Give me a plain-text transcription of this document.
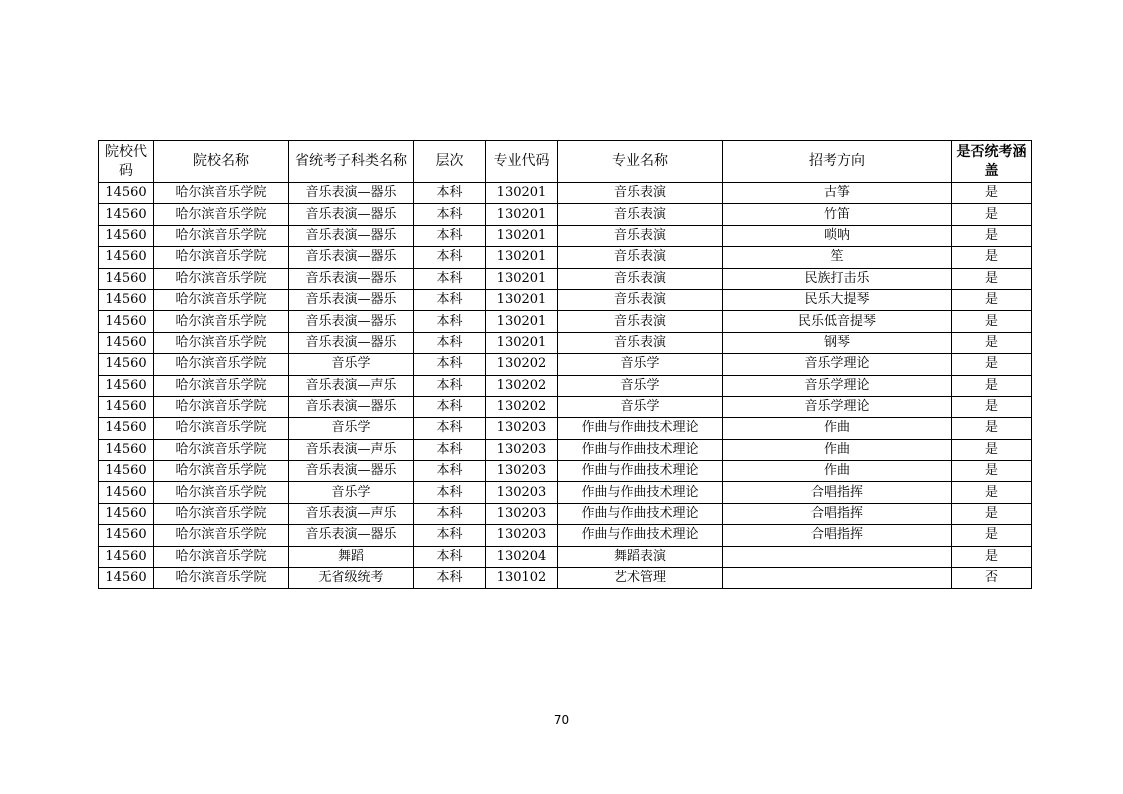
院校代码	院校名称	省统考子科类名称	层次	专业代码	专业名称	招考方向	是否统考涵盖
14560	哈尔滨音乐学院	音乐表演—器乐	本科	130201	音乐表演	古筝	是
14560	哈尔滨音乐学院	音乐表演—器乐	本科	130201	音乐表演	竹笛	是
14560	哈尔滨音乐学院	音乐表演—器乐	本科	130201	音乐表演	唢呐	是
14560	哈尔滨音乐学院	音乐表演—器乐	本科	130201	音乐表演	笙	是
14560	哈尔滨音乐学院	音乐表演—器乐	本科	130201	音乐表演	民族打击乐	是
14560	哈尔滨音乐学院	音乐表演—器乐	本科	130201	音乐表演	民乐大提琴	是
14560	哈尔滨音乐学院	音乐表演—器乐	本科	130201	音乐表演	民乐低音提琴	是
14560	哈尔滨音乐学院	音乐表演—器乐	本科	130201	音乐表演	钢琴	是
14560	哈尔滨音乐学院	音乐学	本科	130202	音乐学	音乐学理论	是
14560	哈尔滨音乐学院	音乐表演—声乐	本科	130202	音乐学	音乐学理论	是
14560	哈尔滨音乐学院	音乐表演—器乐	本科	130202	音乐学	音乐学理论	是
14560	哈尔滨音乐学院	音乐学	本科	130203	作曲与作曲技术理论	作曲	是
14560	哈尔滨音乐学院	音乐表演—声乐	本科	130203	作曲与作曲技术理论	作曲	是
14560	哈尔滨音乐学院	音乐表演—器乐	本科	130203	作曲与作曲技术理论	作曲	是
14560	哈尔滨音乐学院	音乐学	本科	130203	作曲与作曲技术理论	合唱指挥	是
14560	哈尔滨音乐学院	音乐表演—声乐	本科	130203	作曲与作曲技术理论	合唱指挥	是
14560	哈尔滨音乐学院	音乐表演—器乐	本科	130203	作曲与作曲技术理论	合唱指挥	是
14560	哈尔滨音乐学院	舞蹈	本科	130204	舞蹈表演		是
14560	哈尔滨音乐学院	无省级统考	本科	130102	艺术管理		否
70
